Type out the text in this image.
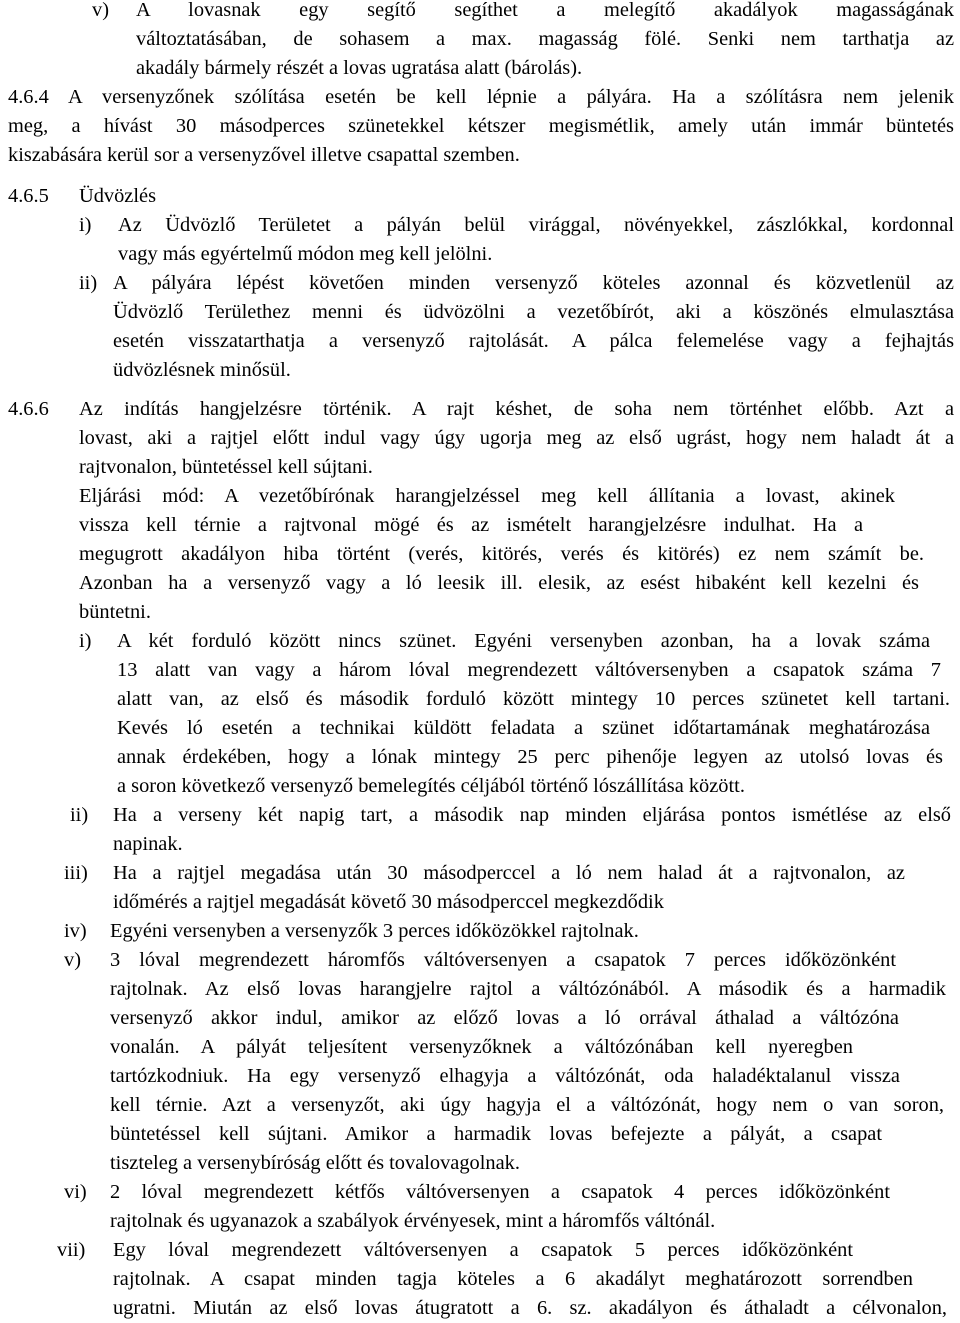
v) A lovasnak egy segítő segíthet a melegítő akadályok magasságának
változtatásában, de sohasem a max. magasság fölé. Senki nem tarthatja az
akadály bármely részét a lovas ugratása alatt (bárolás).
4.6.4 A versenyzőnek szólítása esetén be kell lépnie a pályára. Ha a szólításra nem jelenik
meg, a hívást 30 másodperces szünetekkel kétszer megismétlik, amely után immár büntetés
kiszabására kerül sor a versenyzővel illetve csapattal szemben.
4.6.5 Üdvözlés
i) Az Üdvözlő Területet a pályán belül virággal, növényekkel, zászlókkal, kordonnal
vagy más egyértelmű módon meg kell jelölni.
ii) A pályára lépést követően minden versenyző köteles azonnal és közvetlenül az
Üdvözlő Területhez menni és üdvözölni a vezetőbírót, aki a köszönés elmulasztása
esetén visszatarthatja a versenyző rajtolását. A pálca felemelése vagy a fejhajtás
üdvözlésnek minősül.
4.6.6 Az indítás hangjelzésre történik. A rajt késhet, de soha nem történhet előbb. Azt a
lovast, aki a rajtjel előtt indul vagy úgy ugorja meg az első ugrást, hogy nem haladt át a
rajtvonalon, büntetéssel kell sújtani.
Eljárási mód: A vezetőbírónak harangjelzéssel meg kell állítania a lovast, akinek
vissza kell térnie a rajtvonal mögé és az ismételt harangjelzésre indulhat. Ha a
megugrott akadályon hiba történt (verés, kitörés, verés és kitörés) ez nem számít be.
Azonban ha a versenyző vagy a ló leesik ill. elesik, az esést hibaként kell kezelni és
büntetni.
i) A két forduló között nincs szünet. Egyéni versenyben azonban, ha a lovak száma
13 alatt van vagy a három lóval megrendezett váltóversenyben a csapatok száma 7
alatt van, az első és második forduló között mintegy 10 perces szünetet kell tartani.
Kevés ló esetén a technikai küldött feladata a szünet időtartamának meghatározása
annak érdekében, hogy a lónak mintegy 25 perc pihenője legyen az utolsó lovas és
a soron következő versenyző bemelegítés céljából történő lószállítása között.
ii) Ha a verseny két napig tart, a második nap minden eljárása pontos ismétlése az első
napinak.
iii) Ha a rajtjel megadása után 30 másodperccel a ló nem halad át a rajtvonalon, az
időmérés a rajtjel megadását követő 30 másodperccel megkezdődik
iv) Egyéni versenyben a versenyzők 3 perces időközökkel rajtolnak.
v) 3 lóval megrendezett háromfős váltóversenyen a csapatok 7 perces időközönként
rajtolnak. Az első lovas harangjelre rajtol a váltózónából. A második és a harmadik
versenyző akkor indul, amikor az előző lovas a ló orrával áthalad a váltózóna
vonalán. A pályát teljesítent versenyzőknek a váltózónában kell nyeregben
tartózkodniuk. Ha egy versenyző elhagyja a váltózónát, oda haladéktalanul vissza
kell térnie. Azt a versenyzőt, aki úgy hagyja el a váltózónát, hogy nem o van soron,
büntetéssel kell sújtani. Amikor a harmadik lovas befejezte a pályát, a csapat
tiszteleg a versenybíróság előtt és tovalovagolnak.
vi) 2 lóval megrendezett kétfős váltóversenyen a csapatok 4 perces időközönként
rajtolnak és ugyanazok a szabályok érvényesek, mint a háromfős váltónál.
vii) Egy lóval megrendezett váltóversenyen a csapatok 5 perces időközönként
rajtolnak. A csapat minden tagja köteles a 6 akadályt meghatározott sorrendben
ugratni. Miután az első lovas átugratott a 6. sz. akadályon és áthaladt a célvonalon,
